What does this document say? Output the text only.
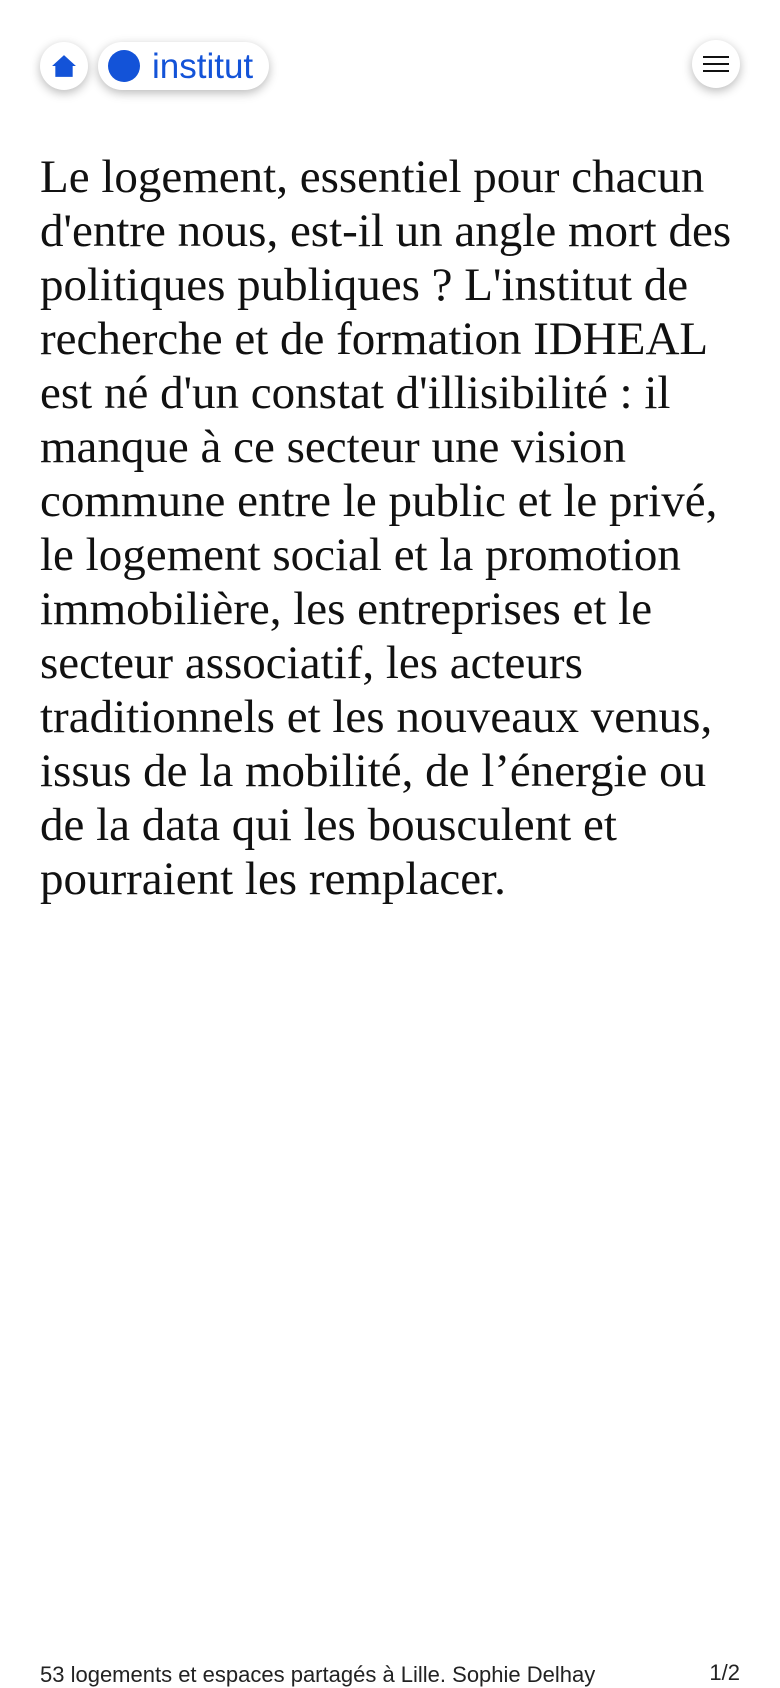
institut

Le logement, essentiel pour chacun d'entre nous, est-il un angle mort des politiques publiques ? L'institut de recherche et de formation IDHEAL est né d'un constat d'illisibilité : il manque à ce secteur une vision commune entre le public et le privé, le logement social et la promotion immobilière, les entreprises et le secteur associatif, les acteurs traditionnels et les nouveaux venus, issus de la mobilité, de l’énergie ou de la data qui les bousculent et pourraient les remplacer.

53 logements et espaces partagés à Lille. Sophie Delhay	1/2
